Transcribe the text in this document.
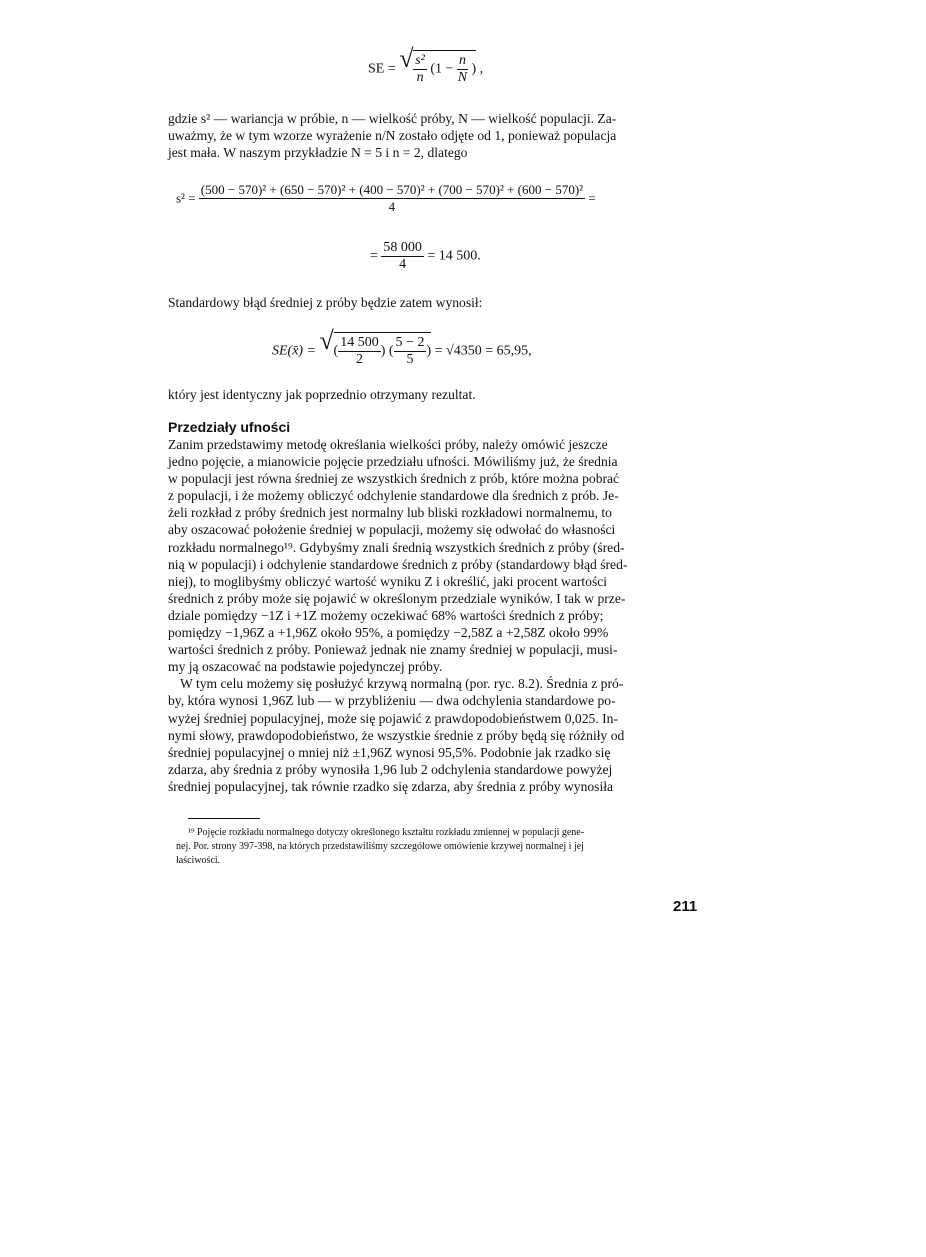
SE =
√ $\frac{\text{s²}}{n} (1 - \frac{n}{N}$ ) ,
gdzie s² — wariancja w próbie, n — wielkość próby, N — wielkość populacji. Za-
uważmy, że w tym wzorze wyrażenie n/N zostało odjęte od 1, ponieważ populacja
jest mała. W naszym przykładzie N = 5 i n = 2, dlatego
s² =
(500 − 570)² + (650 − 570)² + (400 − 570)² + (700 − 570)² + (600 − 570)²
4
=
= $\frac{58 000}{4} = 14$ 500.
Standardowy błąd średniej z próby będzie zatem wynosił:
SE(x̄) = √ ( $\frac{14 500}{2}$ ) ( $\frac{5 - 2}{5}$ ) = √4350 = 65,95,
który jest identyczny jak poprzednio otrzymany rezultat.
Przedziały ufności
Zanim przedstawimy metodę określania wielkości próby, należy omówić jeszcze
jedno pojęcie, a mianowicie pojęcie przedziału ufności. Mówiliśmy już, że średnia
w populacji jest równa średniej ze wszystkich średnich z prób, które można pobrać
z populacji, i że możemy obliczyć odchylenie standardowe dla średnich z prób. Je-
żeli rozkład z próby średnich jest normalny lub bliski rozkładowi normalnemu, to
aby oszacować położenie średniej w populacji, możemy się odwołać do własności
rozkładu normalnego¹⁹. Gdybyśmy znali średnią wszystkich średnich z próby (śred-
nią w populacji) i odchylenie standardowe średnich z próby (standardowy błąd śred-
niej), to moglibyśmy obliczyć wartość wyniku Z i określić, jaki procent wartości
średnich z próby może się pojawić w określonym przedziale wyników. I tak w prze-
dziale pomiędzy −1Z i +1Z możemy oczekiwać 68% wartości średnich z próby;
pomiędzy −1,96Z a +1,96Z około 95%, a pomiędzy −2,58Z a +2,58Z około 99%
wartości średnich z próby. Ponieważ jednak nie znamy średniej w populacji, musi-
my ją oszacować na podstawie pojedynczej próby.
W tym celu możemy się posłużyć krzywą normalną (por. ryc. 8.2). Średnia z pró-
by, która wynosi 1,96Z lub — w przybliżeniu — dwa odchylenia standardowe po-
wyżej średniej populacyjnej, może się pojawić z prawdopodobieństwem 0,025. In-
nymi słowy, prawdopodobieństwo, że wszystkie średnie z próby będą się różniły od
średniej populacyjnej o mniej niż ±1,96Z wynosi 95,5%. Podobnie jak rzadko się
zdarza, aby średnia z próby wynosiła 1,96 lub 2 odchylenia standardowe powyżej
średniej populacyjnej, tak równie rzadko się zdarza, aby średnia z próby wynosiła
¹⁹ Pojęcie rozkładu normalnego dotyczy określonego kształtu rozkładu zmiennej w populacji gene-
nej. Por. strony 397-398, na których przedstawiliśmy szczegółowe omówienie krzywej normalnej i jej
łaściwości.
211
